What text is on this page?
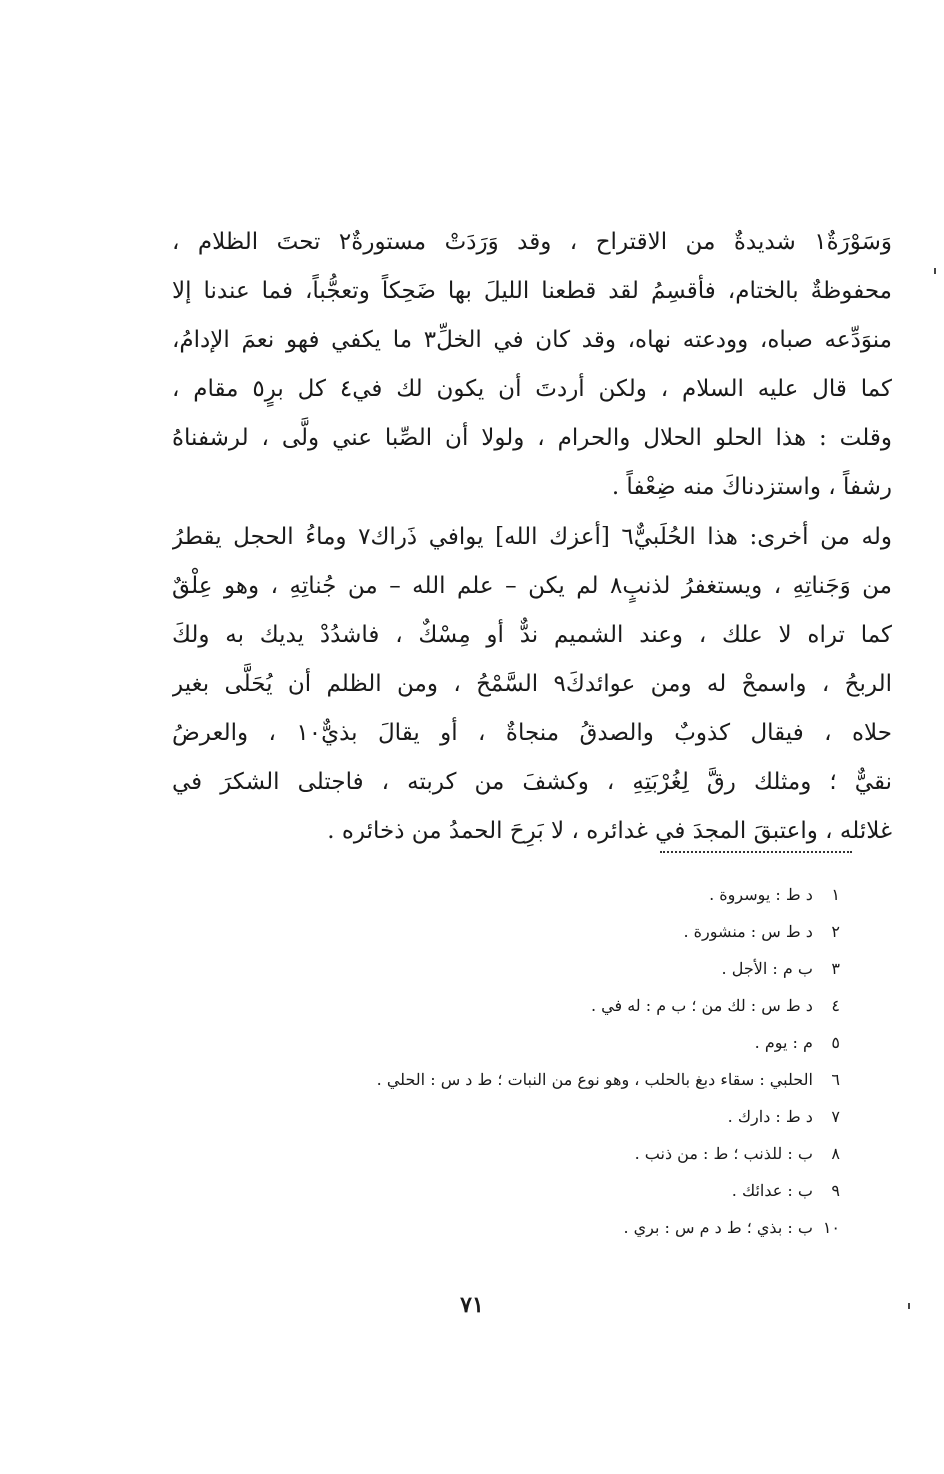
وَسَوْرَةٌ١ شديدةٌ من الاقتراح ، وقد وَرَدَتْ مستورةٌ٢ تحتَ الظلام ،
محفوظةٌ بالختام، فأقسِمُ لقد قطعنا الليلَ بها ضَحِكاً وتعجُّباً، فما عندنا إلا
منوَدِّعه صباه، وودعته نهاه، وقد كان في الخلِّ٣ ما يكفي فهو نعمَ الإدامُ،
كما قال عليه السلام ، ولكن أردتَ أن يكون لك في٤ كل برٍ٥ مقام ،
وقلت : هذا الحلو الحلال والحرام ، ولولا أن الصِّبا عني ولَّى ، لرشفناهُ
رشفاً ، واستزدناكَ منه ضِعْفاً .
وله من أخرى: هذا الحُلَبيٌّ٦ [أعزك الله] يوافي ذَراك٧ وماءُ الحجل يقطرُ
من وَجَناتِهِ ، ويستغفرُ لذنبٍ٨ لم يكن – علم الله – من جُناتِهِ ، وهو عِلْقٌ
كما تراه لا علك ، وعند الشميم ندٌّ أو مِسْكٌ ، فاشدُدْ يديك به ولكَ
الربحُ ، واسمحْ له ومن عوائدكَ٩ السَّمْحُ ، ومن الظلم أن يُحَلَّى بغير
حلاه ، فيقال كذوبٌ والصدقُ منجاةٌ ، أو يقالَ بذيٌّ١٠ ، والعرضُ
نقيٌّ ؛ ومثلك رقَّ لِغُرْبَتِهِ ، وكشفَ من كربته ، فاجتلى الشكرَ في
غلائله ، واعتبقَ المجدَ في غدائره ، لا بَرِحَ الحمدُ من ذخائره .
١ د ط : يوسروة .
٢ د ط س : منشورة .
٣ ب م : الأجل .
٤ د ط س : لك من ؛ ب م : له في .
٥ م : يوم .
٦ الحلبي : سقاء دبغ بالحلب ، وهو نوع من النبات ؛ ط د س : الحلي .
٧ د ط : دارك .
٨ ب : للذنب ؛ ط : من ذنب .
٩ ب : عدائك .
١٠ ب : بذي ؛ ط د م س : بري .
٧١
